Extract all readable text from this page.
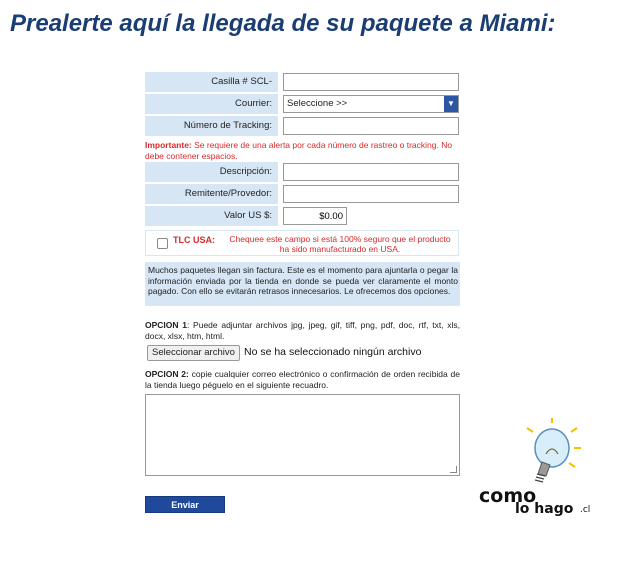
Prealerte aquí la llegada de su paquete a Miami:
Casilla # SCL-
Courrier:	Seleccione >>	▼
Número de Tracking:
Importante: Se requiere de una alerta por cada número de rastreo o tracking. No debe contener espacios.
Descripción:
Remitente/Provedor:
Valor US $:
$0.00
TLC USA:	Chequee este campo si está 100% seguro que el producto ha sido manufacturado en USA.
Muchos paquetes llegan sin factura. Este es el momento para ajuntarla o pegar la información enviada por la tienda en donde se pueda ver claramente el monto pagado. Con ello se evitarán retrasos innecesarios. Le ofrecemos dos opciones.
OPCION 1: Puede adjuntar archivos jpg, jpeg, gif, tiff, png, pdf, doc, rtf, txt, xls, docx, xlsx, htm, html.
Seleccionar archivo No se ha seleccionado ningún archivo
OPCION 2: copie cualquier correo electrónico o confirmación de orden recibida de la tienda luego péguelo en el siguiente recuadro.
Enviar	como
lo hago .cl
